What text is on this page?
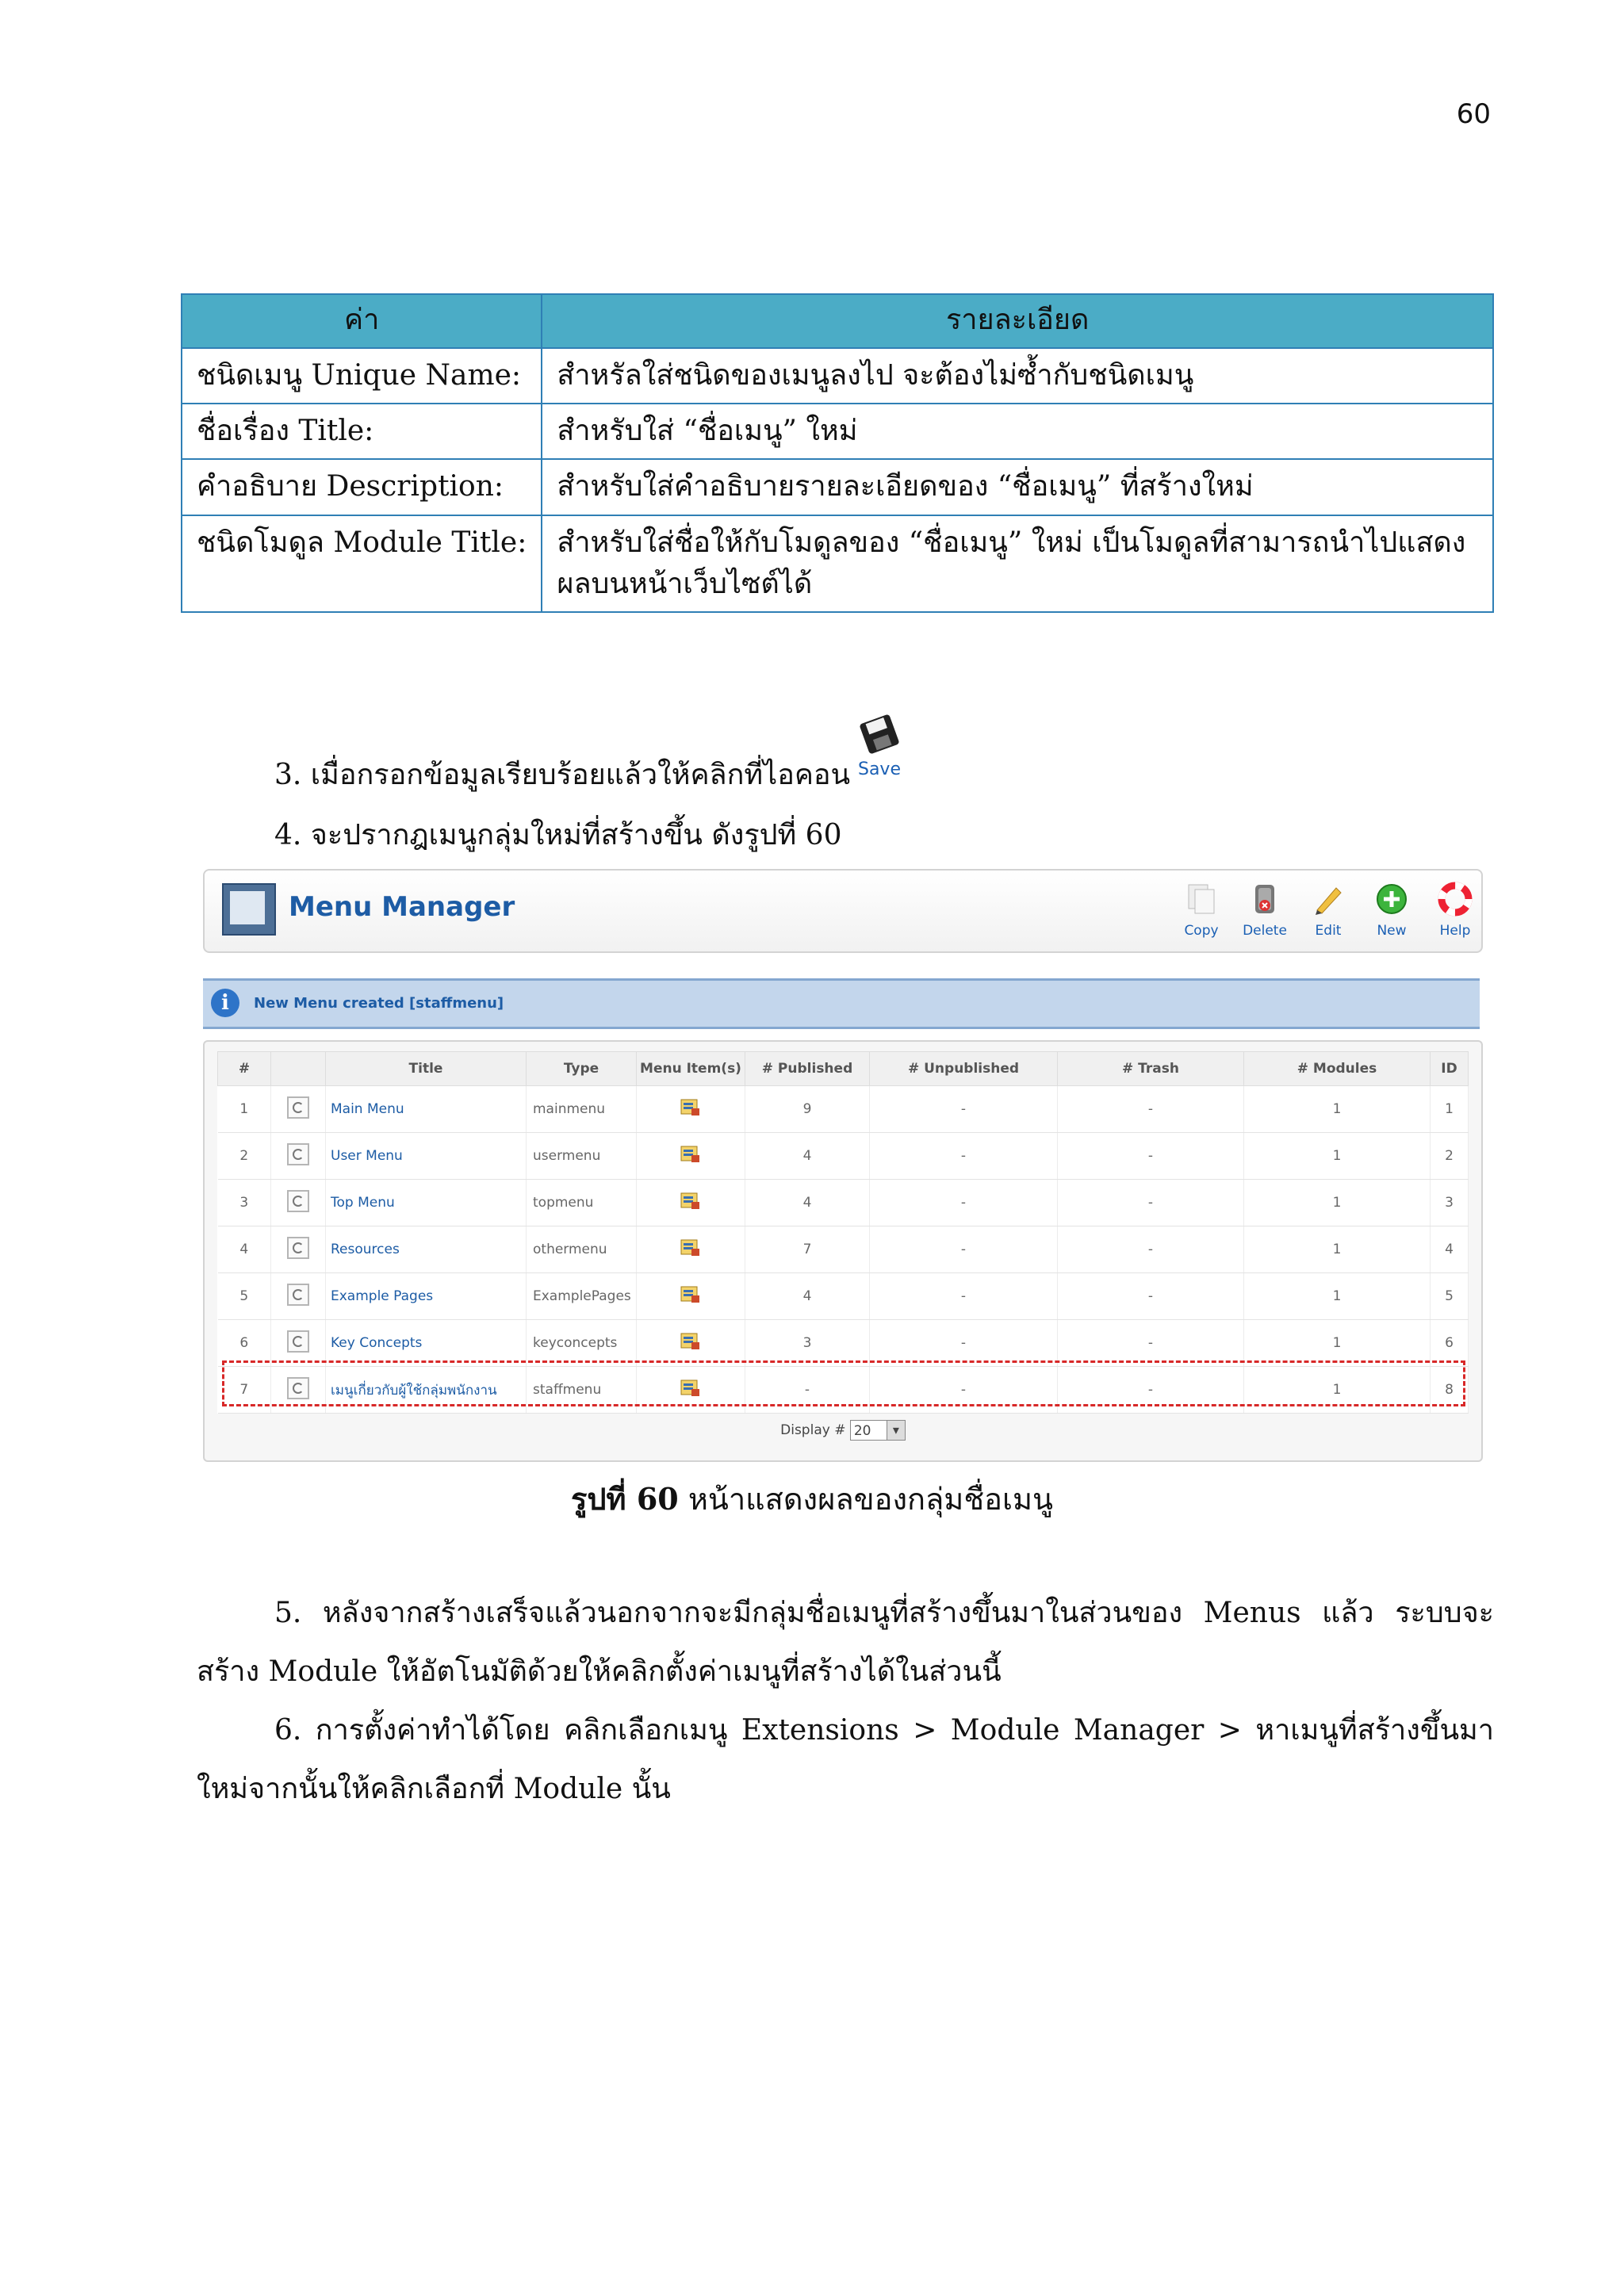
60
ค่า	รายละเอียด
ชนิดเมนู Unique Name:	สำหรัลใส่ชนิดของเมนูลงไป จะต้องไม่ซ้ำกับชนิดเมนู
ชื่อเรื่อง Title:	สำหรับใส่ “ชื่อเมนู” ใหม่
คำอธิบาย Description:	สำหรับใส่คำอธิบายรายละเอียดของ “ชื่อเมนู” ที่สร้างใหม่
ชนิดโมดูล Module Title:	สำหรับใส่ชื่อให้กับโมดูลของ “ชื่อเมนู” ใหม่ เป็นโมดูลที่สามารถนำไปแสดงผลบนหน้าเว็บไซต์ได้
3. เมื่อกรอกข้อมูลเรียบร้อยแล้วให้คลิกที่ไอคอน Save
4. จะปรากฎเมนูกลุ่มใหม่ที่สร้างขึ้น ดังรูปที่ 60
Menu Manager
Copy	Delete	Edit	New	Help
i	New Menu created [staffmenu]
#		Title	Type	Menu Item(s)	# Published	# Unpublished	# Trash	# Modules	ID
1		Main Menu	mainmenu		9	-	-	1	1
2		User Menu	usermenu		4	-	-	1	2
3		Top Menu	topmenu		4	-	-	1	3
4		Resources	othermenu		7	-	-	1	4
5		Example Pages	ExamplePages		4	-	-	1	5
6		Key Concepts	keyconcepts		3	-	-	1	6
7		เมนูเกี่ยวกับผู้ใช้กลุ่มพนักงาน	staffmenu		-	-	-	1	8
Display # 20 ▾
รูปที่ 60 หน้าแสดงผลของกลุ่มชื่อเมนู
5. หลังจากสร้างเสร็จแล้วนอกจากจะมีกลุ่มชื่อเมนูที่สร้างขึ้นมาในส่วนของ Menus แล้ว ระบบจะสร้าง Module ให้อัตโนมัติด้วยให้คลิกตั้งค่าเมนูที่สร้างได้ในส่วนนี้
6. การตั้งค่าทำได้โดย คลิกเลือกเมนู Extensions > Module Manager > หาเมนูที่สร้างขึ้นมาใหม่จากนั้นให้คลิกเลือกที่ Module นั้น
